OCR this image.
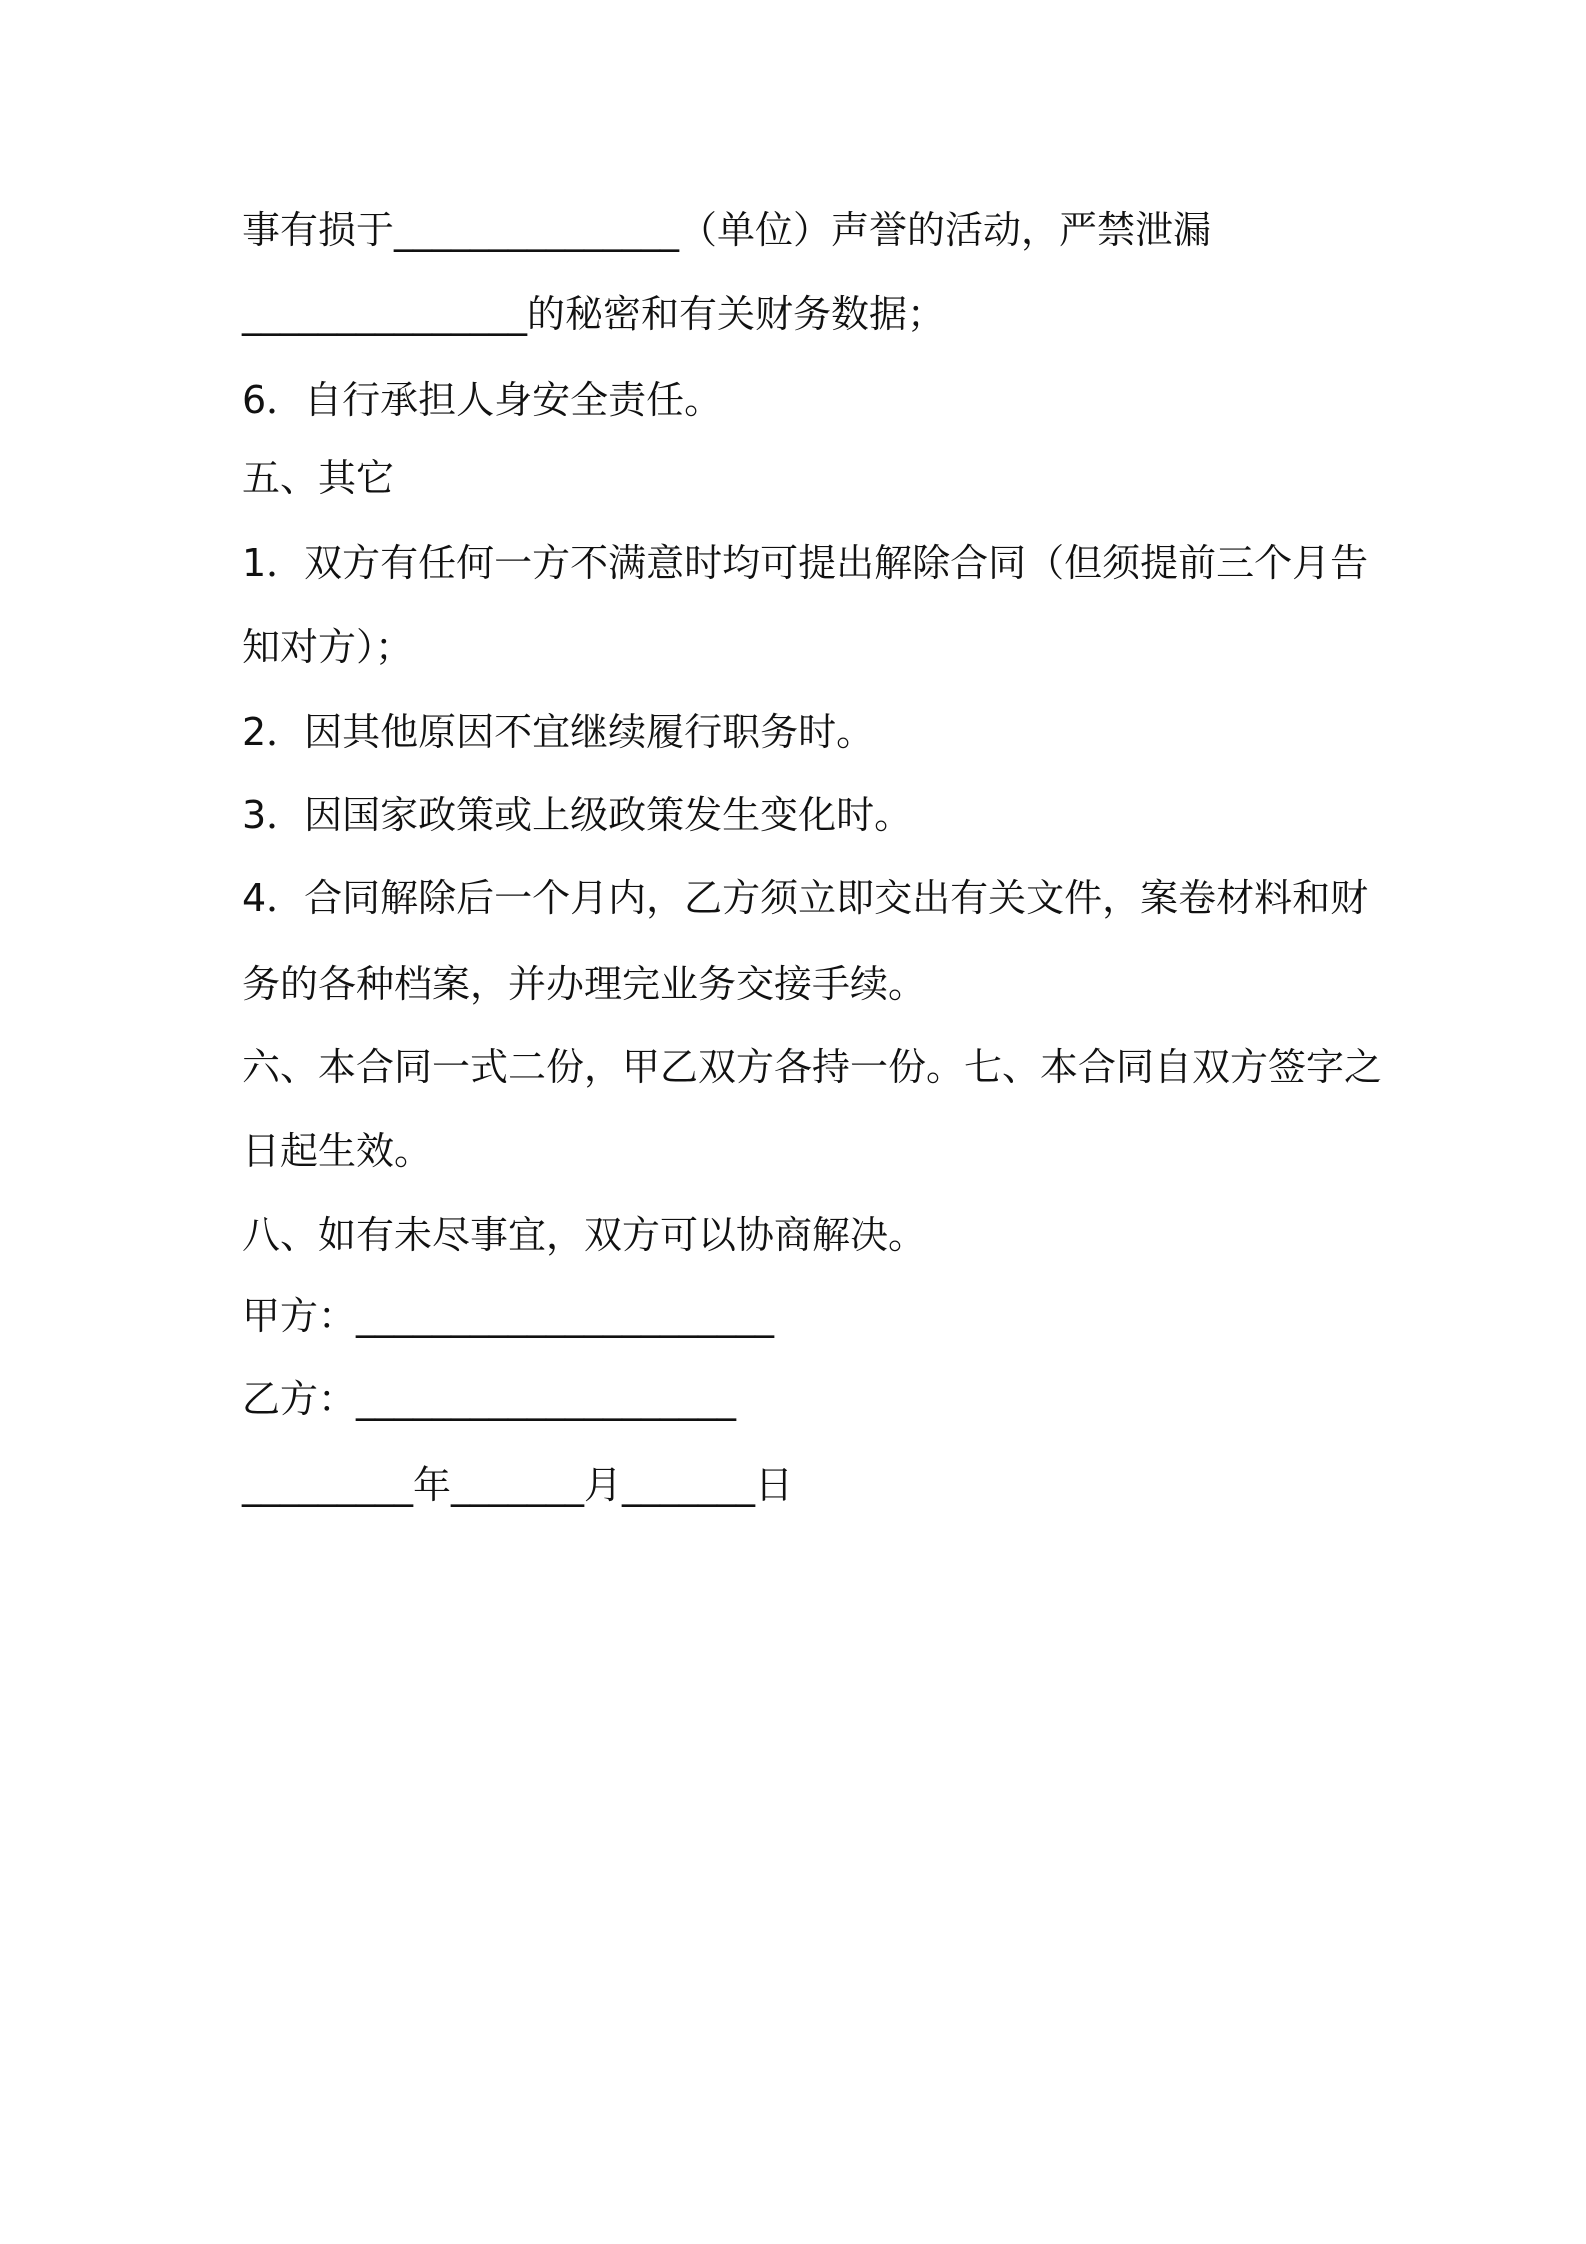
事有损于_______________（单位）声誉的活动，严禁泄漏

_______________的秘密和有关财务数据；

6．自行承担人身安全责任。

五、其它

1．双方有任何一方不满意时均可提出解除合同（但须提前三个月告

知对方）；

2．因其他原因不宜继续履行职务时。

3．因国家政策或上级政策发生变化时。

4．合同解除后一个月内，乙方须立即交出有关文件，案卷材料和财

务的各种档案，并办理完业务交接手续。

六、本合同一式二份，甲乙双方各持一份。七、本合同自双方签字之

日起生效。

八、如有未尽事宜，双方可以协商解决。

甲方：______________________

乙方：____________________

_________年_______月_______日
